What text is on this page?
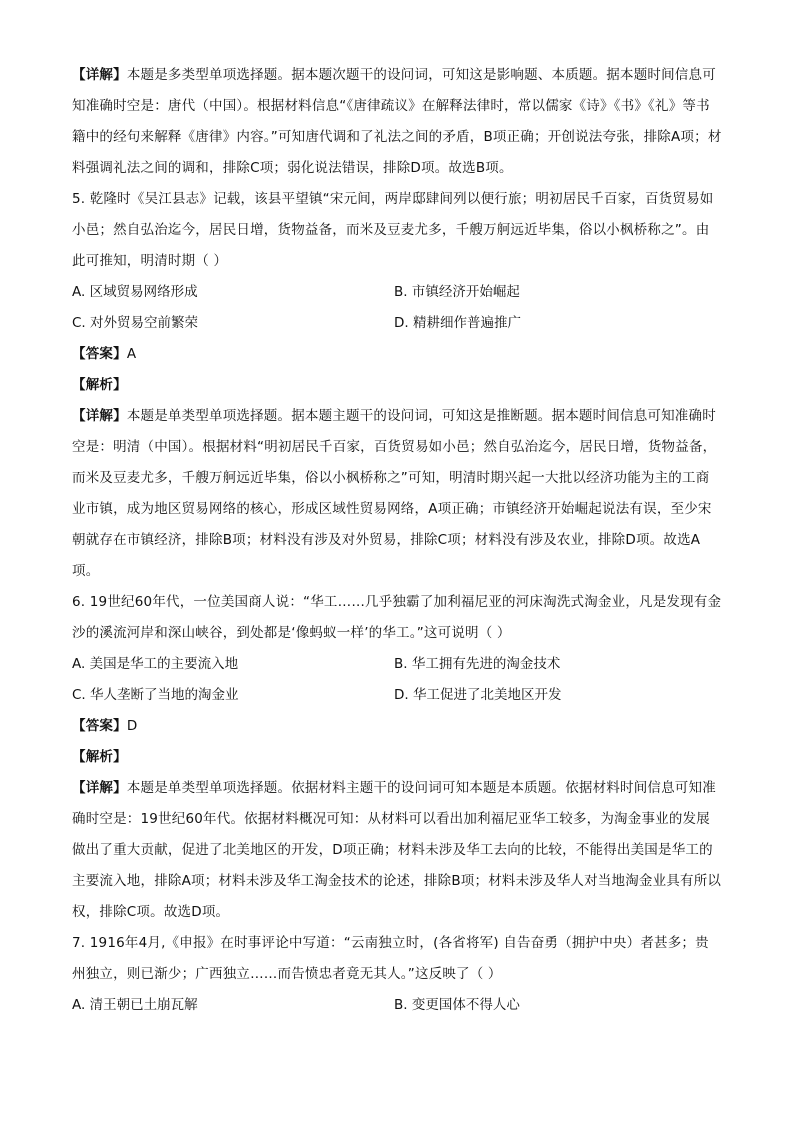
【详解】本题是多类型单项选择题。据本题次题干的设问词，可知这是影响题、本质题。据本题时间信息可知准确时空是：唐代（中国）。根据材料信息“《唐律疏议》在解释法律时，常以儒家《诗》《书》《礼》等书籍中的经句来解释《唐律》内容。”可知唐代调和了礼法之间的矛盾，B项正确；开创说法夸张，排除A项；材料强调礼法之间的调和，排除C项；弱化说法错误，排除D项。故选B项。

5. 乾隆时《吴江县志》记载，该县平望镇“宋元间，两岸邸肆间列以便行旅；明初居民千百家，百货贸易如小邑；然自弘治迄今，居民日增，货物益备，而米及豆麦尤多，千艘万舸远近毕集，俗以小枫桥称之”。由此可推知，明清时期（ ）

A. 区域贸易网络形成	B. 市镇经济开始崛起

C. 对外贸易空前繁荣	D. 精耕细作普遍推广

【答案】A

【解析】

【详解】本题是单类型单项选择题。据本题主题干的设问词，可知这是推断题。据本题时间信息可知准确时空是：明清（中国）。根据材料“明初居民千百家，百货贸易如小邑；然自弘治迄今，居民日增，货物益备，而米及豆麦尤多，千艘万舸远近毕集，俗以小枫桥称之”可知，明清时期兴起一大批以经济功能为主的工商业市镇，成为地区贸易网络的核心，形成区域性贸易网络，A项正确；市镇经济开始崛起说法有误，至少宋朝就存在市镇经济，排除B项；材料没有涉及对外贸易，排除C项；材料没有涉及农业，排除D项。故选A项。

6. 19世纪60年代，一位美国商人说：“华工……几乎独霸了加利福尼亚的河床淘洗式淘金业，凡是发现有金沙的溪流河岸和深山峡谷，到处都是‘像蚂蚁一样’的华工。”这可说明（ ）

A. 美国是华工的主要流入地	B. 华工拥有先进的淘金技术

C. 华人垄断了当地的淘金业	D. 华工促进了北美地区开发

【答案】D

【解析】

【详解】本题是单类型单项选择题。依据材料主题干的设问词可知本题是本质题。依据材料时间信息可知准确时空是：19世纪60年代。依据材料概况可知：从材料可以看出加利福尼亚华工较多，为淘金事业的发展做出了重大贡献，促进了北美地区的开发，D项正确；材料未涉及华工去向的比较，不能得出美国是华工的主要流入地，排除A项；材料未涉及华工淘金技术的论述，排除B项；材料未涉及华人对当地淘金业具有所以权，排除C项。故选D项。

7. 1916年4月,《申报》在时事评论中写道：“云南独立时，(各省将军) 自告奋勇（拥护中央）者甚多；贵州独立，则已渐少；广西独立……而告愤忠者竟无其人。”这反映了（ ）

A. 清王朝已土崩瓦解	B. 变更国体不得人心
